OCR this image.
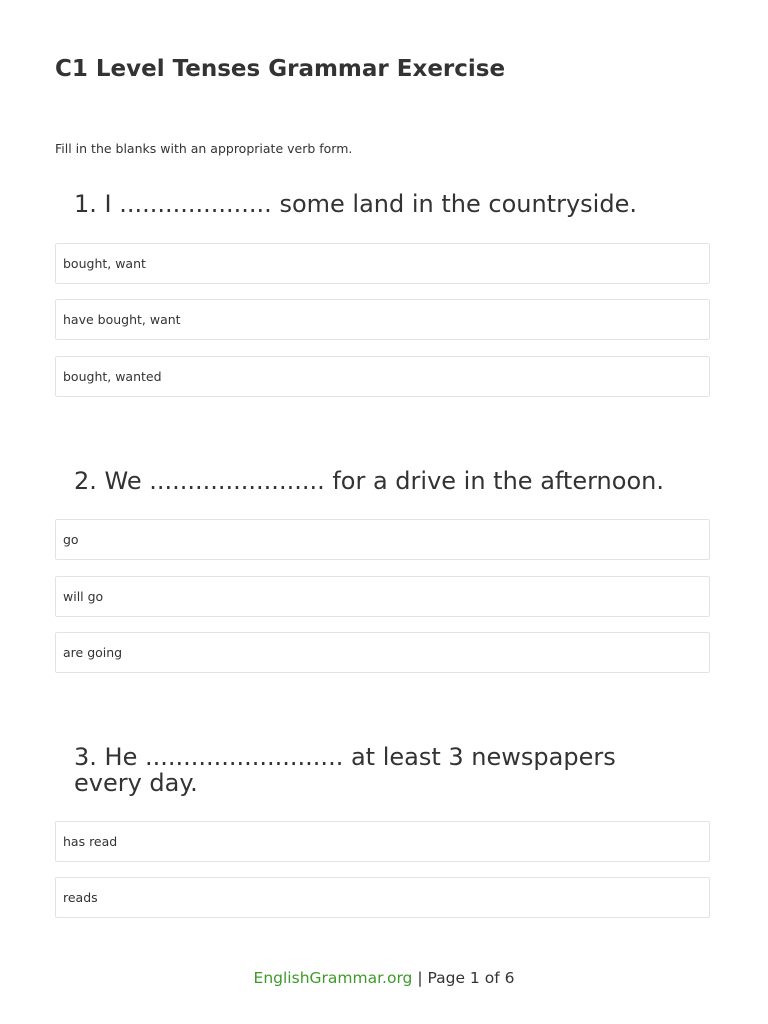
C1 Level Tenses Grammar Exercise

Fill in the blanks with an appropriate verb form.

1. I .................... some land in the countryside.
bought, want
have bought, want
bought, wanted
2. We ....................... for a drive in the afternoon.
go
will go
are going
3. He .......................... at least 3 newspapers every day.
has read
reads
EnglishGrammar.org | Page 1 of 6
